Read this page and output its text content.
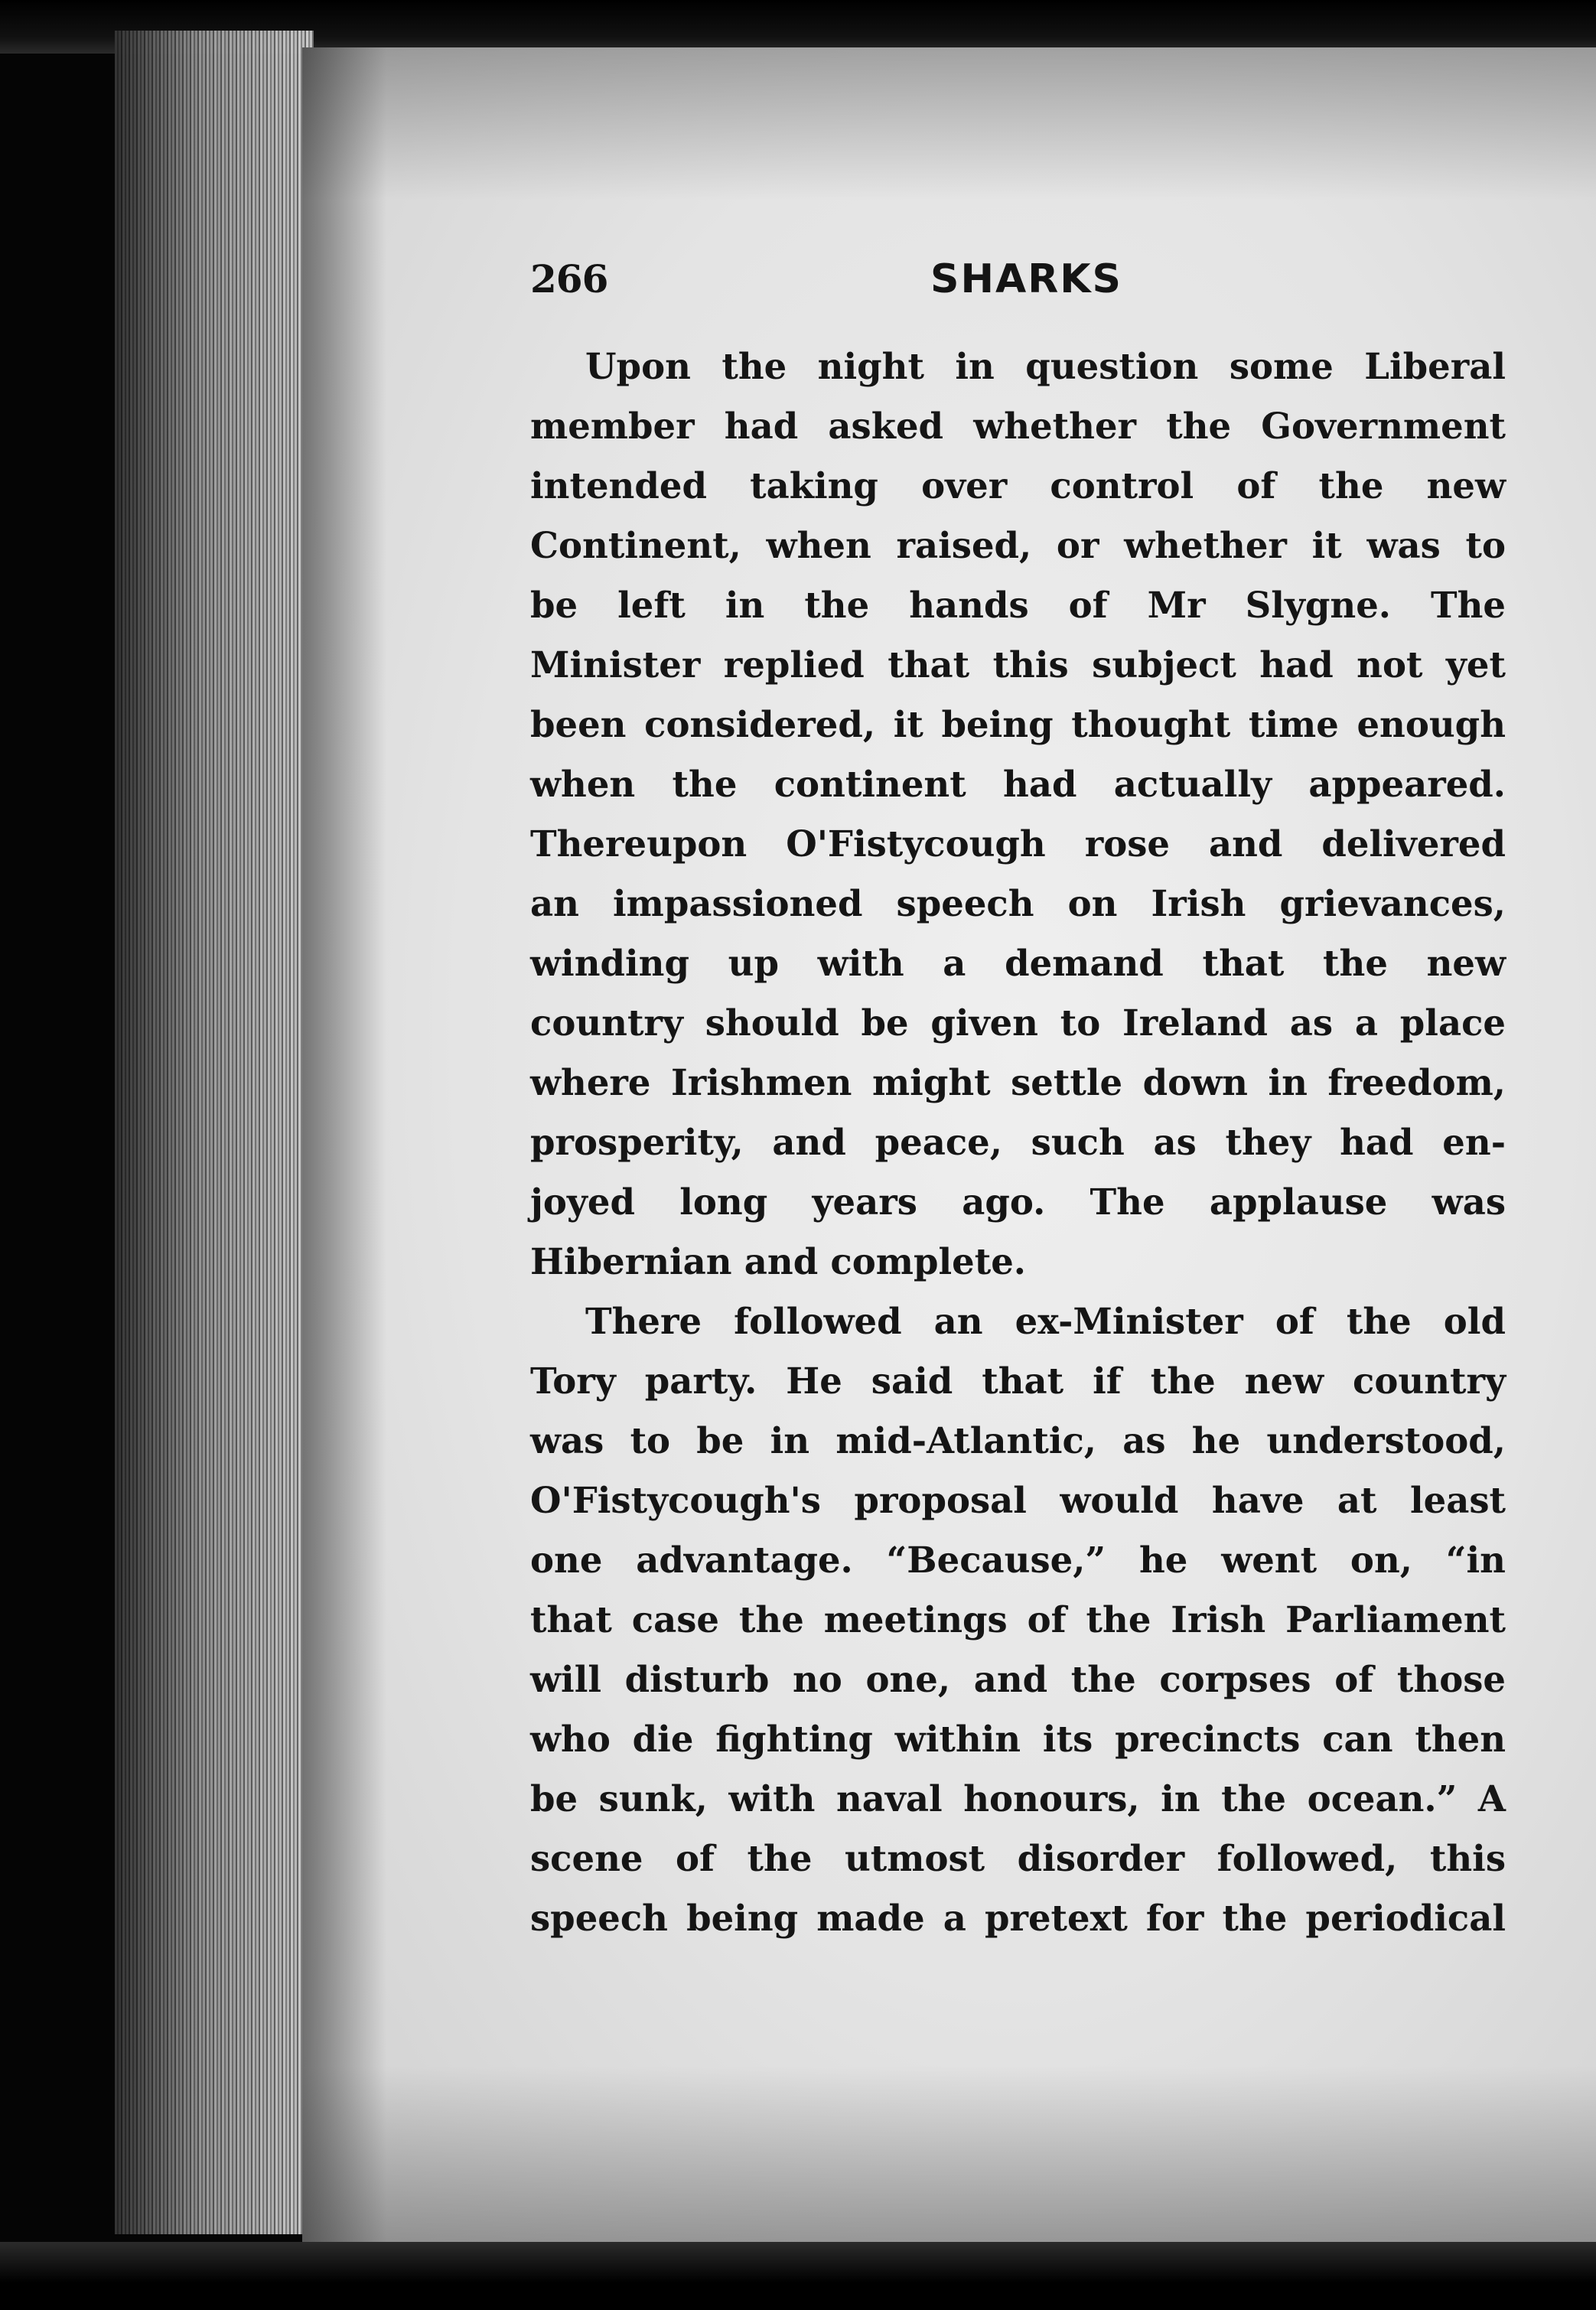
266	SHARKS
Upon the night in question some Liberal
member had asked whether the Government
intended taking over control of the new
Continent, when raised, or whether it was to
be left in the hands of Mr Slygne. The
Minister replied that this subject had not yet
been considered, it being thought time enough
when the continent had actually appeared.
Thereupon O'Fistycough rose and delivered
an impassioned speech on Irish grievances,
winding up with a demand that the new
country should be given to Ireland as a place
where Irishmen might settle down in freedom,
prosperity, and peace, such as they had en-
joyed long years ago. The applause was
Hibernian and complete.
There followed an ex-Minister of the old
Tory party. He said that if the new country
was to be in mid-Atlantic, as he understood,
O'Fistycough's proposal would have at least
one advantage. “Because,” he went on, “in
that case the meetings of the Irish Parliament
will disturb no one, and the corpses of those
who die fighting within its precincts can then
be sunk, with naval honours, in the ocean.” A
scene of the utmost disorder followed, this
speech being made a pretext for the periodical
